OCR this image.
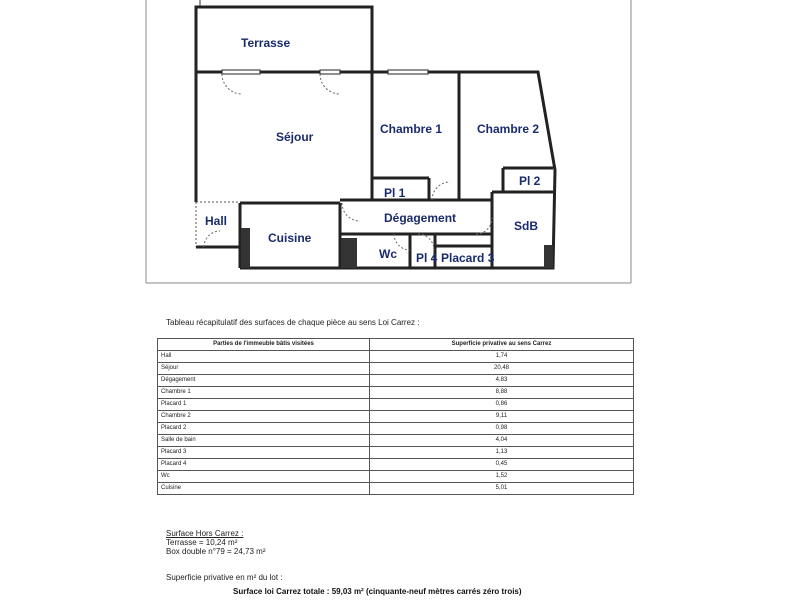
Terrasse
Séjour
Chambre 1	Chambre 2
Pl 1
Pl 2
Hall
Cuisine
Dégagement
SdB
Wc Pl 4 Placard 3
Tableau récapitulatif des surfaces de chaque pièce au sens Loi Carrez :
Parties de l'immeuble bâtis visitées	Superficie privative au sens Carrez
Hall	1,74
Séjour	20,48
Dégagement	4,83
Chambre 1	8,88
Placard 1	0,86
Chambre 2	9,11
Placard 2	0,98
Salle de bain	4,04
Placard 3	1,13
Placard 4	0,45
Wc	1,52
Cuisine	5,01
Surface Hors Carrez :
Terrasse = 10,24 m²
Box double n°79 = 24,73 m²
Superficie privative en m² du lot :
Surface loi Carrez totale : 59,03 m² (cinquante-neuf mètres carrés zéro trois)
